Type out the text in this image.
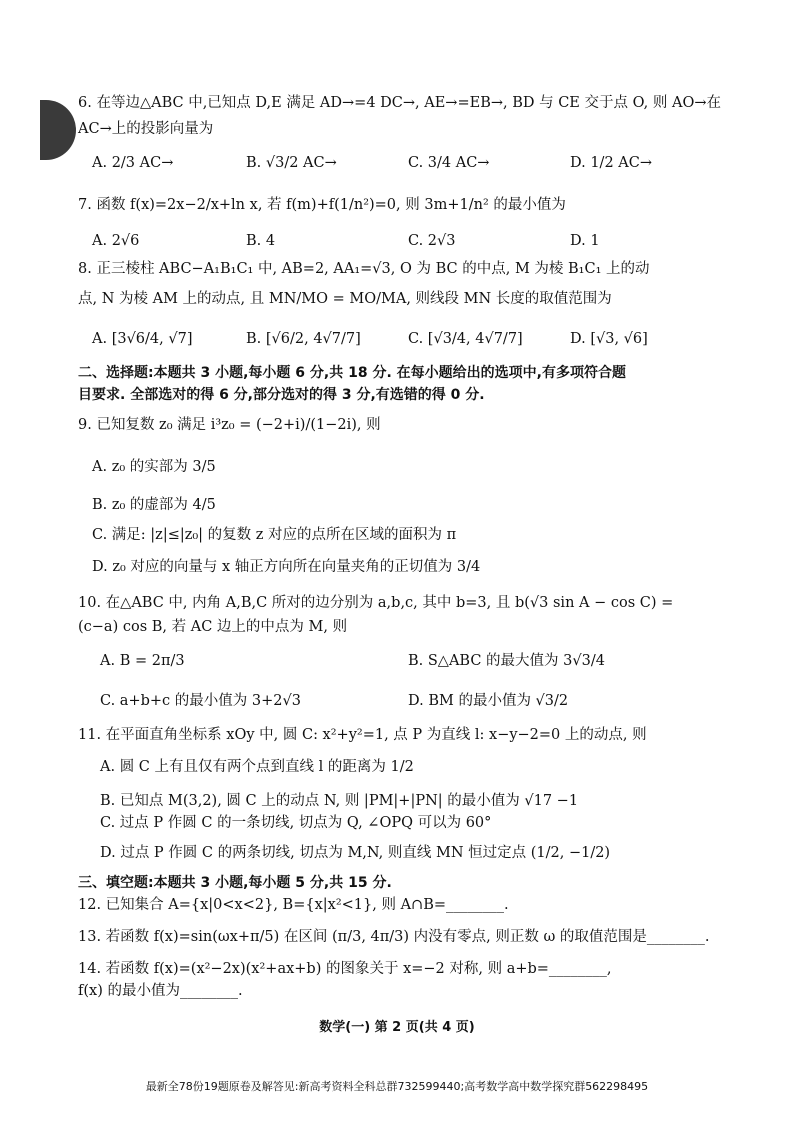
6. 在等边△ABC 中,已知点 D,E 满足 AD→=4 DC→, AE→=EB→, BD 与 CE 交于点 O, 则 AO→在
AC→上的投影向量为
A. 2/3 AC→	B. √3/2 AC→	C. 3/4 AC→	D. 1/2 AC→
7. 函数 f(x)=2x−2/x+ln x, 若 f(m)+f(1/n²)=0, 则 3m+1/n² 的最小值为
A. 2√6	B. 4	C. 2√3	D. 1
8. 正三棱柱 ABC−A₁B₁C₁ 中, AB=2, AA₁=√3, O 为 BC 的中点, M 为棱 B₁C₁ 上的动
点, N 为棱 AM 上的动点, 且 MN/MO = MO/MA, 则线段 MN 长度的取值范围为
A. [3√6/4, √7]	B. [√6/2, 4√7/7]	C. [√3/4, 4√7/7]	D. [√3, √6]
二、选择题:本题共 3 小题,每小题 6 分,共 18 分. 在每小题给出的选项中,有多项符合题
目要求. 全部选对的得 6 分,部分选对的得 3 分,有选错的得 0 分.
9. 已知复数 z₀ 满足 i³z₀ = (−2+i)/(1−2i), 则
A. z₀ 的实部为 3/5
B. z₀ 的虚部为 4/5
C. 满足: |z|≤|z₀| 的复数 z 对应的点所在区域的面积为 π
D. z₀ 对应的向量与 x 轴正方向所在向量夹角的正切值为 3/4
10. 在△ABC 中, 内角 A,B,C 所对的边分别为 a,b,c, 其中 b=3, 且 b(√3 sin A − cos C) =
(c−a) cos B, 若 AC 边上的中点为 M, 则
A. B = 2π/3	B. S△ABC 的最大值为 3√3/4
C. a+b+c 的最小值为 3+2√3	D. BM 的最小值为 √3/2
11. 在平面直角坐标系 xOy 中, 圆 C: x²+y²=1, 点 P 为直线 l: x−y−2=0 上的动点, 则
A. 圆 C 上有且仅有两个点到直线 l 的距离为 1/2
B. 已知点 M(3,2), 圆 C 上的动点 N, 则 |PM|+|PN| 的最小值为 √17 −1
C. 过点 P 作圆 C 的一条切线, 切点为 Q, ∠OPQ 可以为 60°
D. 过点 P 作圆 C 的两条切线, 切点为 M,N, 则直线 MN 恒过定点 (1/2, −1/2)
三、填空题:本题共 3 小题,每小题 5 分,共 15 分.
12. 已知集合 A={x|0<x<2}, B={x|x²<1}, 则 A∩B=________.
13. 若函数 f(x)=sin(ωx+π/5) 在区间 (π/3, 4π/3) 内没有零点, 则正数 ω 的取值范围是________.
14. 若函数 f(x)=(x²−2x)(x²+ax+b) 的图象关于 x=−2 对称, 则 a+b=________,
f(x) 的最小值为________.
数学(一) 第 2 页(共 4 页)
最新全78份19题原卷及解答见:新高考资料全科总群732599440;高考数学高中数学探究群562298495
